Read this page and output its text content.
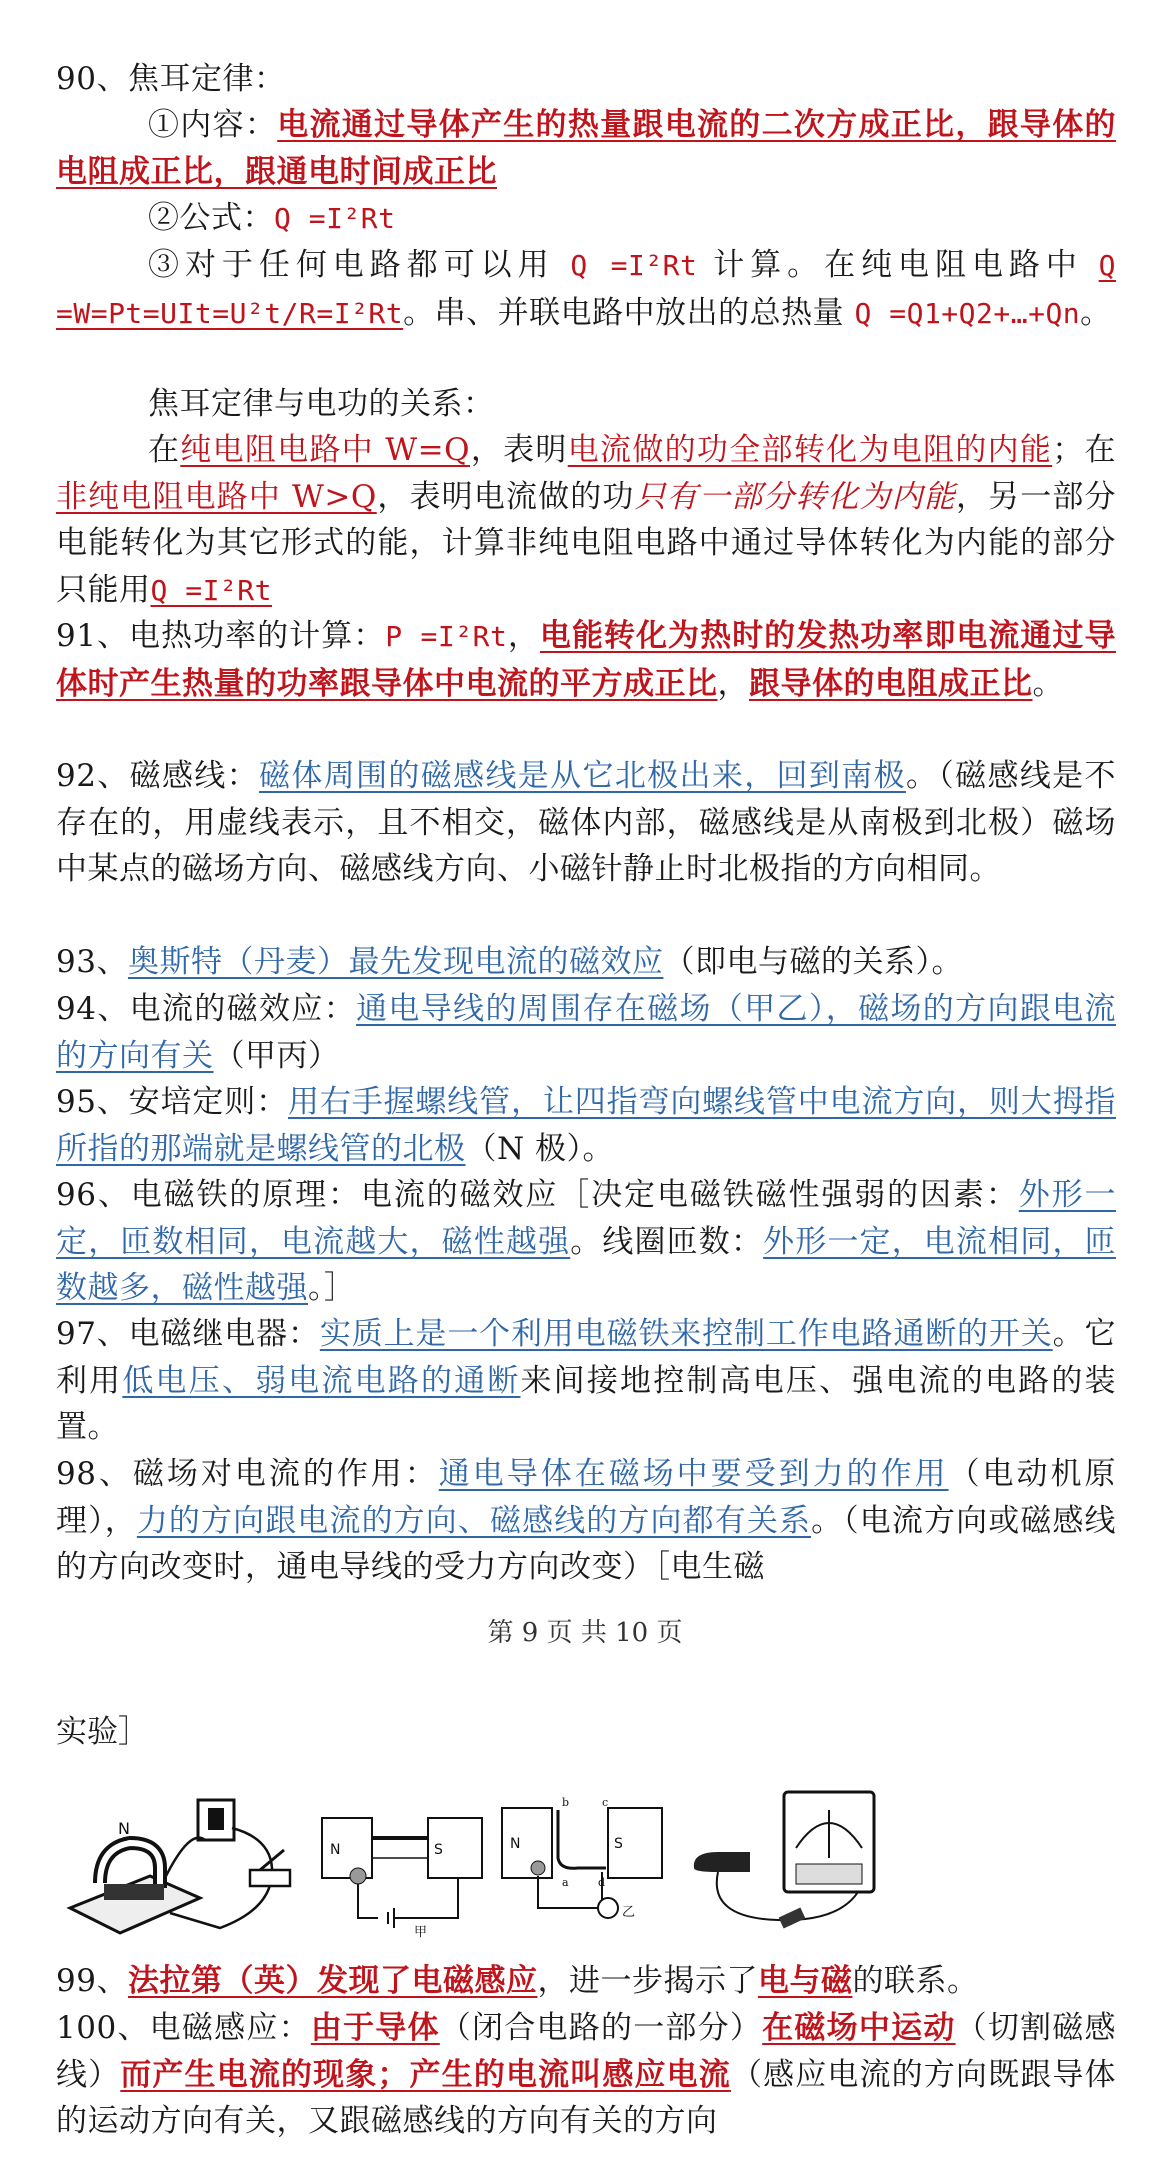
90、焦耳定律：
①内容：电流通过导体产生的热量跟电流的二次方成正比，跟导体的电阻成正比，跟通电时间成正比
②公式：Q =I²Rt
③对于任何电路都可以用 Q =I²Rt 计算。在纯电阻电路中 Q =W=Pt=UIt=U²t/R=I²Rt。串、并联电路中放出的总热量 Q =Q1+Q2+…+Qn。
焦耳定律与电功的关系：
在纯电阻电路中 W=Q，表明电流做的功全部转化为电阻的内能；在非纯电阻电路中 W>Q，表明电流做的功只有一部分转化为内能，另一部分电能转化为其它形式的能，计算非纯电阻电路中通过导体转化为内能的部分只能用Q =I²Rt
91、电热功率的计算：P =I²Rt，电能转化为热时的发热功率即电流通过导体时产生热量的功率跟导体中电流的平方成正比，跟导体的电阻成正比。
92、磁感线：磁体周围的磁感线是从它北极出来，回到南极。（磁感线是不存在的，用虚线表示，且不相交，磁体内部，磁感线是从南极到北极）磁场中某点的磁场方向、磁感线方向、小磁针静止时北极指的方向相同。
93、奥斯特（丹麦）最先发现电流的磁效应（即电与磁的关系）。
94、电流的磁效应：通电导线的周围存在磁场（甲乙），磁场的方向跟电流的方向有关（甲丙）
95、安培定则：用右手握螺线管，让四指弯向螺线管中电流方向，则大拇指所指的那端就是螺线管的北极（N 极）。
96、电磁铁的原理：电流的磁效应［决定电磁铁磁性强弱的因素：外形一定，匝数相同，电流越大，磁性越强。线圈匝数：外形一定，电流相同，匝数越多，磁性越强。］
97、电磁继电器：实质上是一个利用电磁铁来控制工作电路通断的开关。它利用低电压、弱电流电路的通断来间接地控制高电压、强电流的电路的装置。
98、磁场对电流的作用：通电导体在磁场中要受到力的作用（电动机原理），力的方向跟电流的方向、磁感线的方向都有关系。（电流方向或磁感线的方向改变时，通电导线的受力方向改变）［电生磁
第 9 页 共 10 页
实验］
N
N	S
甲
N	S
b	c
a	d
乙
99、法拉第（英）发现了电磁感应，进一步揭示了电与磁的联系。
100、电磁感应：由于导体（闭合电路的一部分）在磁场中运动（切割磁感线）而产生电流的现象；产生的电流叫感应电流（感应电流的方向既跟导体的运动方向有关，又跟磁感线的方向有关的方向
